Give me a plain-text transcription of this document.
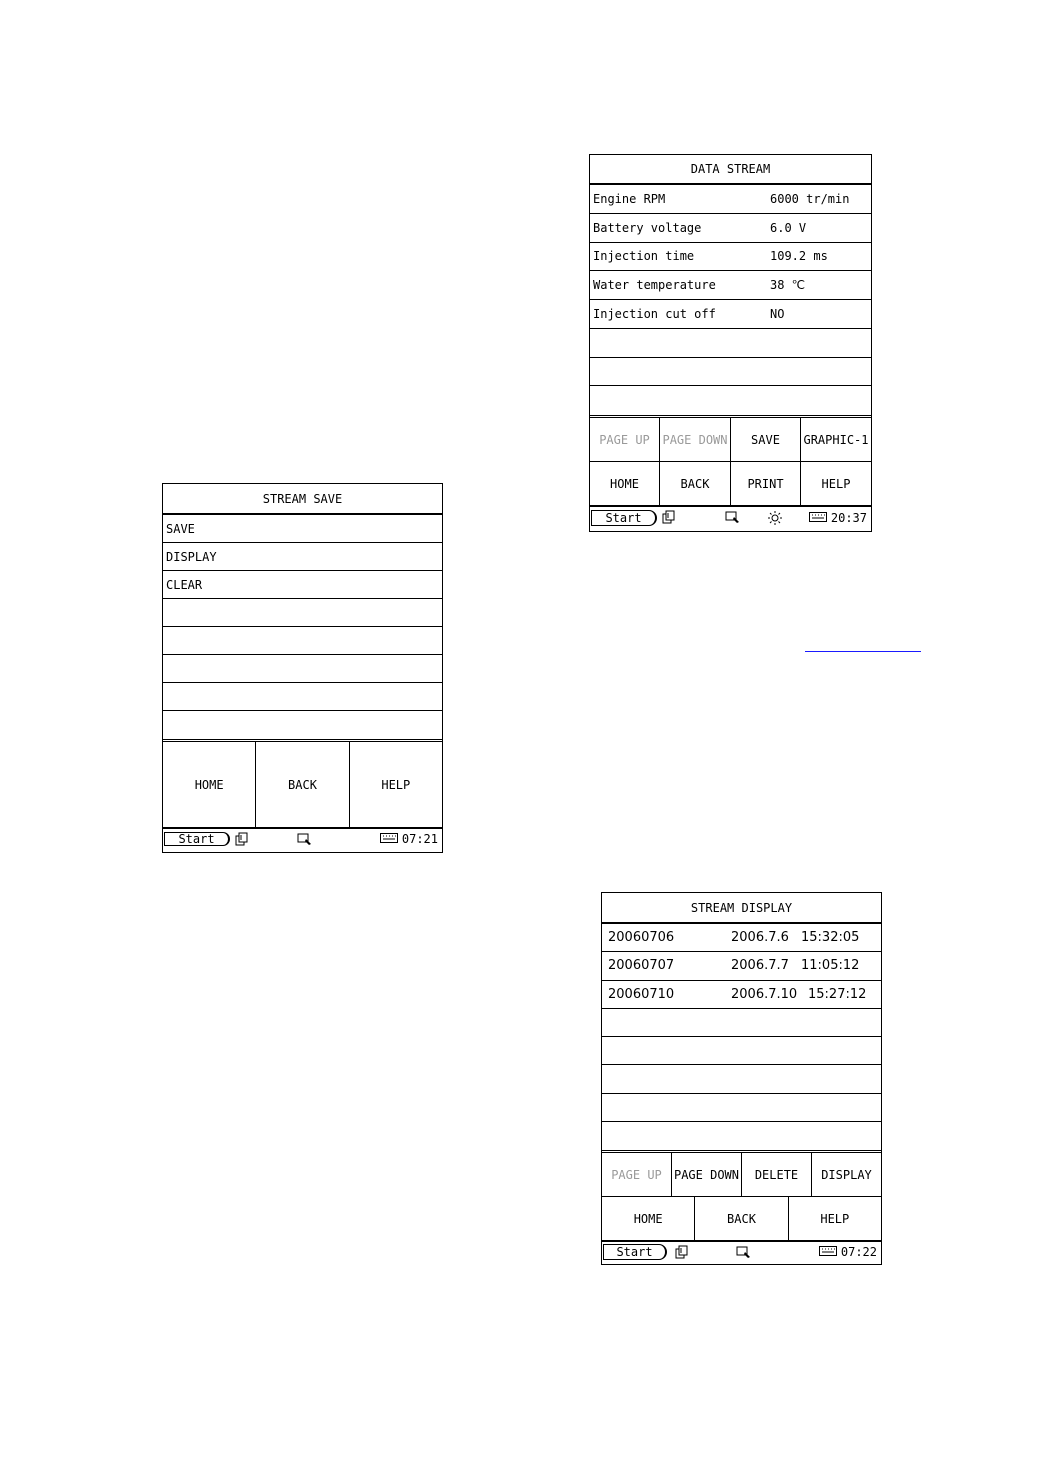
STREAM SAVE
SAVE
DISPLAY
CLEAR
HOME	BACK	HELP
Start	07:21
DATA STREAM
Engine RPM	6000 tr/min
Battery voltage	6.0 V
Injection time	109.2 ms
Water temperature	38 ℃
Injection cut off	NO
PAGE UP	PAGE DOWN	SAVE	GRAPHIC-1
HOME	BACK	PRINT	HELP
Start	20:37
STREAM DISPLAY
20060706	2006.7.6 15:32:05
20060707	2006.7.7 11:05:12
20060710	2006.7.10 15:27:12
PAGE UP	PAGE DOWN	DELETE	DISPLAY
HOME	BACK	HELP
Start	07:22
